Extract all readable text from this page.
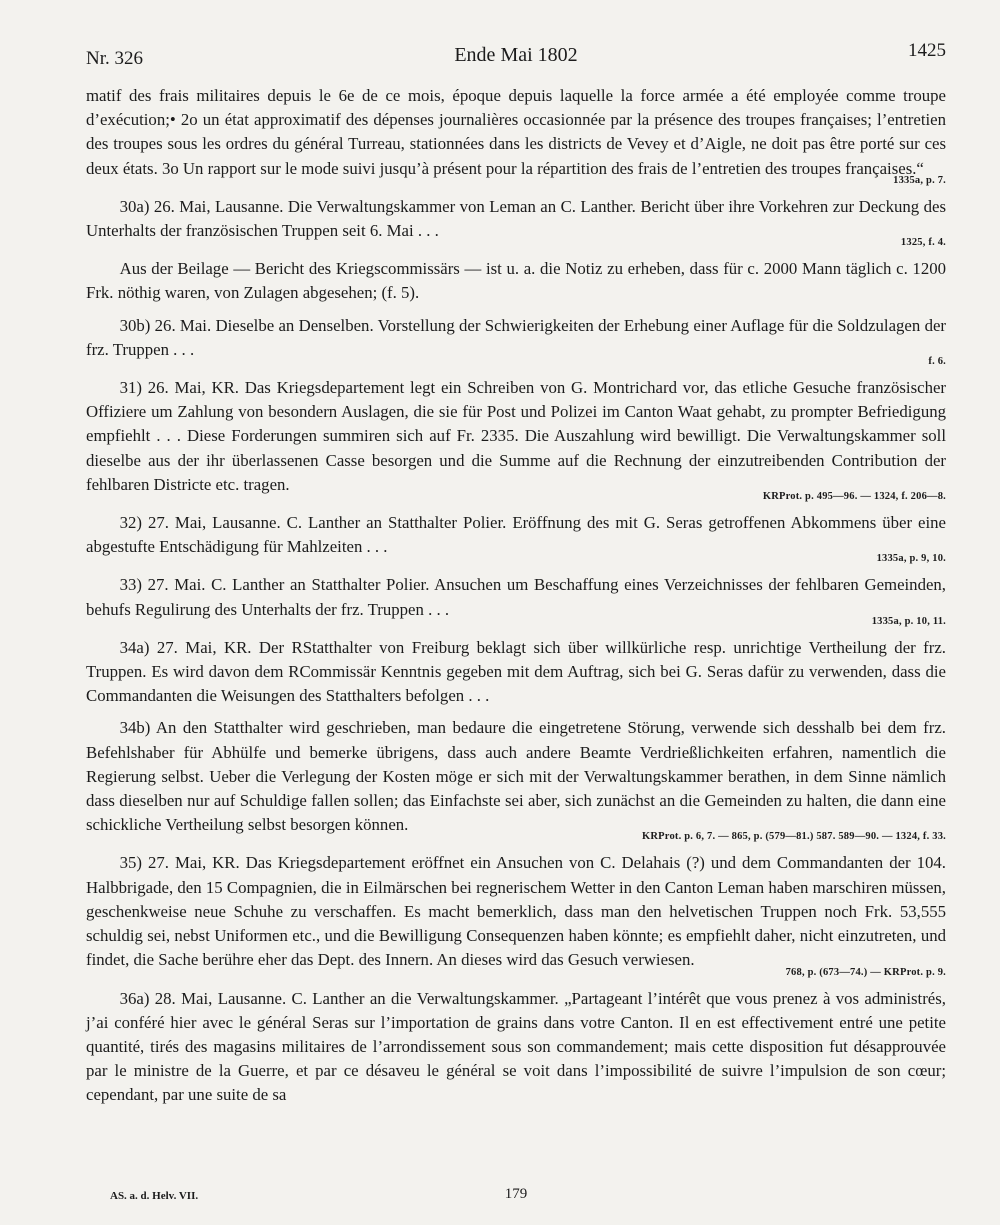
Nr. 326	Ende Mai 1802	1425

matif des frais militaires depuis le 6e de ce mois, époque depuis laquelle la force armée a été employée comme troupe d’exécution;• 2o un état approximatif des dépenses journalières occasionnée par la présence des troupes françaises; l’entretien des troupes sous les ordres du général Turreau, stationnées dans les districts de Vevey et d’Aigle, ne doit pas être porté sur ces deux états. 3o Un rapport sur le mode suivi jusqu’à présent pour la répartition des frais de l’entretien des troupes françaises.“
1335a, p. 7.

30a) 26. Mai, Lausanne. Die Verwaltungskammer von Leman an C. Lanther. Bericht über ihre Vorkehren zur Deckung des Unterhalts der französischen Truppen seit 6. Mai . . .
1325, f. 4.

Aus der Beilage — Bericht des Kriegscommissärs — ist u. a. die Notiz zu erheben, dass für c. 2000 Mann täglich c. 1200 Frk. nöthig waren, von Zulagen abgesehen; (f. 5).

30b) 26. Mai. Dieselbe an Denselben. Vorstellung der Schwierigkeiten der Erhebung einer Auflage für die Soldzulagen der frz. Truppen . . .
f. 6.

31) 26. Mai, KR. Das Kriegsdepartement legt ein Schreiben von G. Montrichard vor, das etliche Gesuche französischer Offiziere um Zahlung von besondern Auslagen, die sie für Post und Polizei im Canton Waat gehabt, zu prompter Befriedigung empfiehlt . . . Diese Forderungen summiren sich auf Fr. 2335. Die Auszahlung wird bewilligt. Die Verwaltungskammer soll dieselbe aus der ihr überlassenen Casse besorgen und die Summe auf die Rechnung der einzutreibenden Contribution der fehlbaren Districte etc. tragen.
KRProt. p. 495—96. — 1324, f. 206—8.

32) 27. Mai, Lausanne. C. Lanther an Statthalter Polier. Eröffnung des mit G. Seras getroffenen Abkommens über eine abgestufte Entschädigung für Mahlzeiten . . .
1335a, p. 9, 10.

33) 27. Mai. C. Lanther an Statthalter Polier. Ansuchen um Beschaffung eines Verzeichnisses der fehlbaren Gemeinden, behufs Regulirung des Unterhalts der frz. Truppen . . .
1335a, p. 10, 11.

34a) 27. Mai, KR. Der RStatthalter von Freiburg beklagt sich über willkürliche resp. unrichtige Vertheilung der frz. Truppen. Es wird davon dem RCommissär Kenntnis gegeben mit dem Auftrag, sich bei G. Seras dafür zu verwenden, dass die Commandanten die Weisungen des Statthalters befolgen . . .

34b) An den Statthalter wird geschrieben, man bedaure die eingetretene Störung, verwende sich desshalb bei dem frz. Befehlshaber für Abhülfe und bemerke übrigens, dass auch andere Beamte Verdrießlichkeiten erfahren, namentlich die Regierung selbst. Ueber die Verlegung der Kosten möge er sich mit der Verwaltungskammer berathen, in dem Sinne nämlich dass dieselben nur auf Schuldige fallen sollen; das Einfachste sei aber, sich zunächst an die Gemeinden zu halten, die dann eine schickliche Vertheilung selbst besorgen können.
KRProt. p. 6, 7. — 865, p. (579—81.) 587. 589—90. — 1324, f. 33.

35) 27. Mai, KR. Das Kriegsdepartement eröffnet ein Ansuchen von C. Delahais (?) und dem Commandanten der 104. Halbbrigade, den 15 Compagnien, die in Eilmärschen bei regnerischem Wetter in den Canton Leman haben marschiren müssen, geschenkweise neue Schuhe zu verschaffen. Es macht bemerklich, dass man den helvetischen Truppen noch Frk. 53,555 schuldig sei, nebst Uniformen etc., und die Bewilligung Consequenzen haben könnte; es empfiehlt daher, nicht einzutreten, und findet, die Sache berühre eher das Dept. des Innern. An dieses wird das Gesuch verwiesen.
768, p. (673—74.) — KRProt. p. 9.

36a) 28. Mai, Lausanne. C. Lanther an die Verwaltungskammer. „Partageant l’intérêt que vous prenez à vos administrés, j’ai conféré hier avec le général Seras sur l’importation de grains dans votre Canton. Il en est effectivement entré une petite quantité, tirés des magasins militaires de l’arrondissement sous son commandement; mais cette disposition fut désapprouvée par le ministre de la Guerre, et par ce désaveu le général se voit dans l’impossibilité de suivre l’impulsion de son cœur; cependant, par une suite de sa

AS. a. d. Helv. VII.	179
